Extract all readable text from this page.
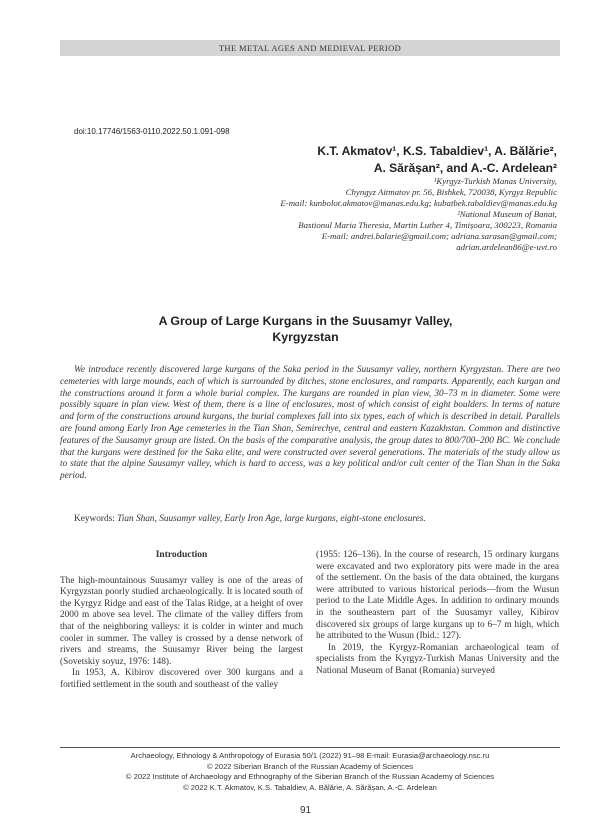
THE METAL AGES AND MEDIEVAL PERIOD
doi:10.17746/1563-0110.2022.50.1.091-098
K.T. Akmatov¹, K.S. Tabaldiev¹, A. Bălărie²,
A. Sărășan², and A.-C. Ardelean²
¹Kyrgyz-Turkish Manas University,
Chyngyz Aitmatov pr. 56, Bishkek, 720038, Kyrgyz Republic
E-mail: kunbolot.akmatov@manas.edu.kg; kubatbek.tabaldiev@manas.edu.kg
²National Museum of Banat,
Bastionul Maria Theresia, Martin Luther 4, Timișoara, 300223, Romania
E-mail: andrei.balarie@gmail.com; adriana.sarasan@gmail.com;
adrian.ardelean86@e-uvt.ro
A Group of Large Kurgans in the Suusamyr Valley,
Kyrgyzstan
We introduce recently discovered large kurgans of the Saka period in the Suusamyr valley, northern Kyrgyzstan. There are two cemeteries with large mounds, each of which is surrounded by ditches, stone enclosures, and ramparts. Apparently, each kurgan and the constructions around it form a whole burial complex. The kurgans are rounded in plan view, 30–73 m in diameter. Some were possibly square in plan view. West of them, there is a line of enclosures, most of which consist of eight boulders. In terms of nature and form of the constructions around kurgans, the burial complexes fall into six types, each of which is described in detail. Parallels are found among Early Iron Age cemeteries in the Tian Shan, Semirechye, central and eastern Kazakhstan. Common and distinctive features of the Suusamyr group are listed. On the basis of the comparative analysis, the group dates to 800/700–200 BC. We conclude that the kurgans were destined for the Saka elite, and were constructed over several generations. The materials of the study allow us to state that the alpine Suusamyr valley, which is hard to access, was a key political and/or cult center of the Tian Shan in the Saka period.
Keywords: Tian Shan, Suusamyr valley, Early Iron Age, large kurgans, eight-stone enclosures.
Introduction

The high-mountainous Suusamyr valley is one of the areas of Kyrgyzstan poorly studied archaeologically. It is located south of the Kyrgyz Ridge and east of the Talas Ridge, at a height of over 2000 m above sea level. The climate of the valley differs from that of the neighboring valleys: it is colder in winter and much cooler in summer. The valley is crossed by a dense network of rivers and streams, the Suusamyr River being the largest (Sovetskiy soyuz, 1976: 148).

In 1953, A. Kibirov discovered over 300 kurgans and a fortified settlement in the south and southeast of the valley

(1955: 126–136). In the course of research, 15 ordinary kurgans were excavated and two exploratory pits were made in the area of the settlement. On the basis of the data obtained, the kurgans were attributed to various historical periods—from the Wusun period to the Late Middle Ages. In addition to ordinary mounds in the southeastern part of the Suusamyr valley, Kibirov discovered six groups of large kurgans up to 6–7 m high, which he attributed to the Wusun (Ibid.: 127).

In 2019, the Kyrgyz-Romanian archaeological team of specialists from the Kyrgyz-Turkish Manas University and the National Museum of Banat (Romania) surveyed

Archaeology, Ethnology & Anthropology of Eurasia 50/1 (2022) 91–98 E-mail: Eurasia@archaeology.nsc.ru
© 2022 Siberian Branch of the Russian Academy of Sciences
© 2022 Institute of Archaeology and Ethnography of the Siberian Branch of the Russian Academy of Sciences
© 2022 K.T. Akmatov, K.S. Tabaldiev, A. Bălărie, A. Sărășan, A.-C. Ardelean
91
